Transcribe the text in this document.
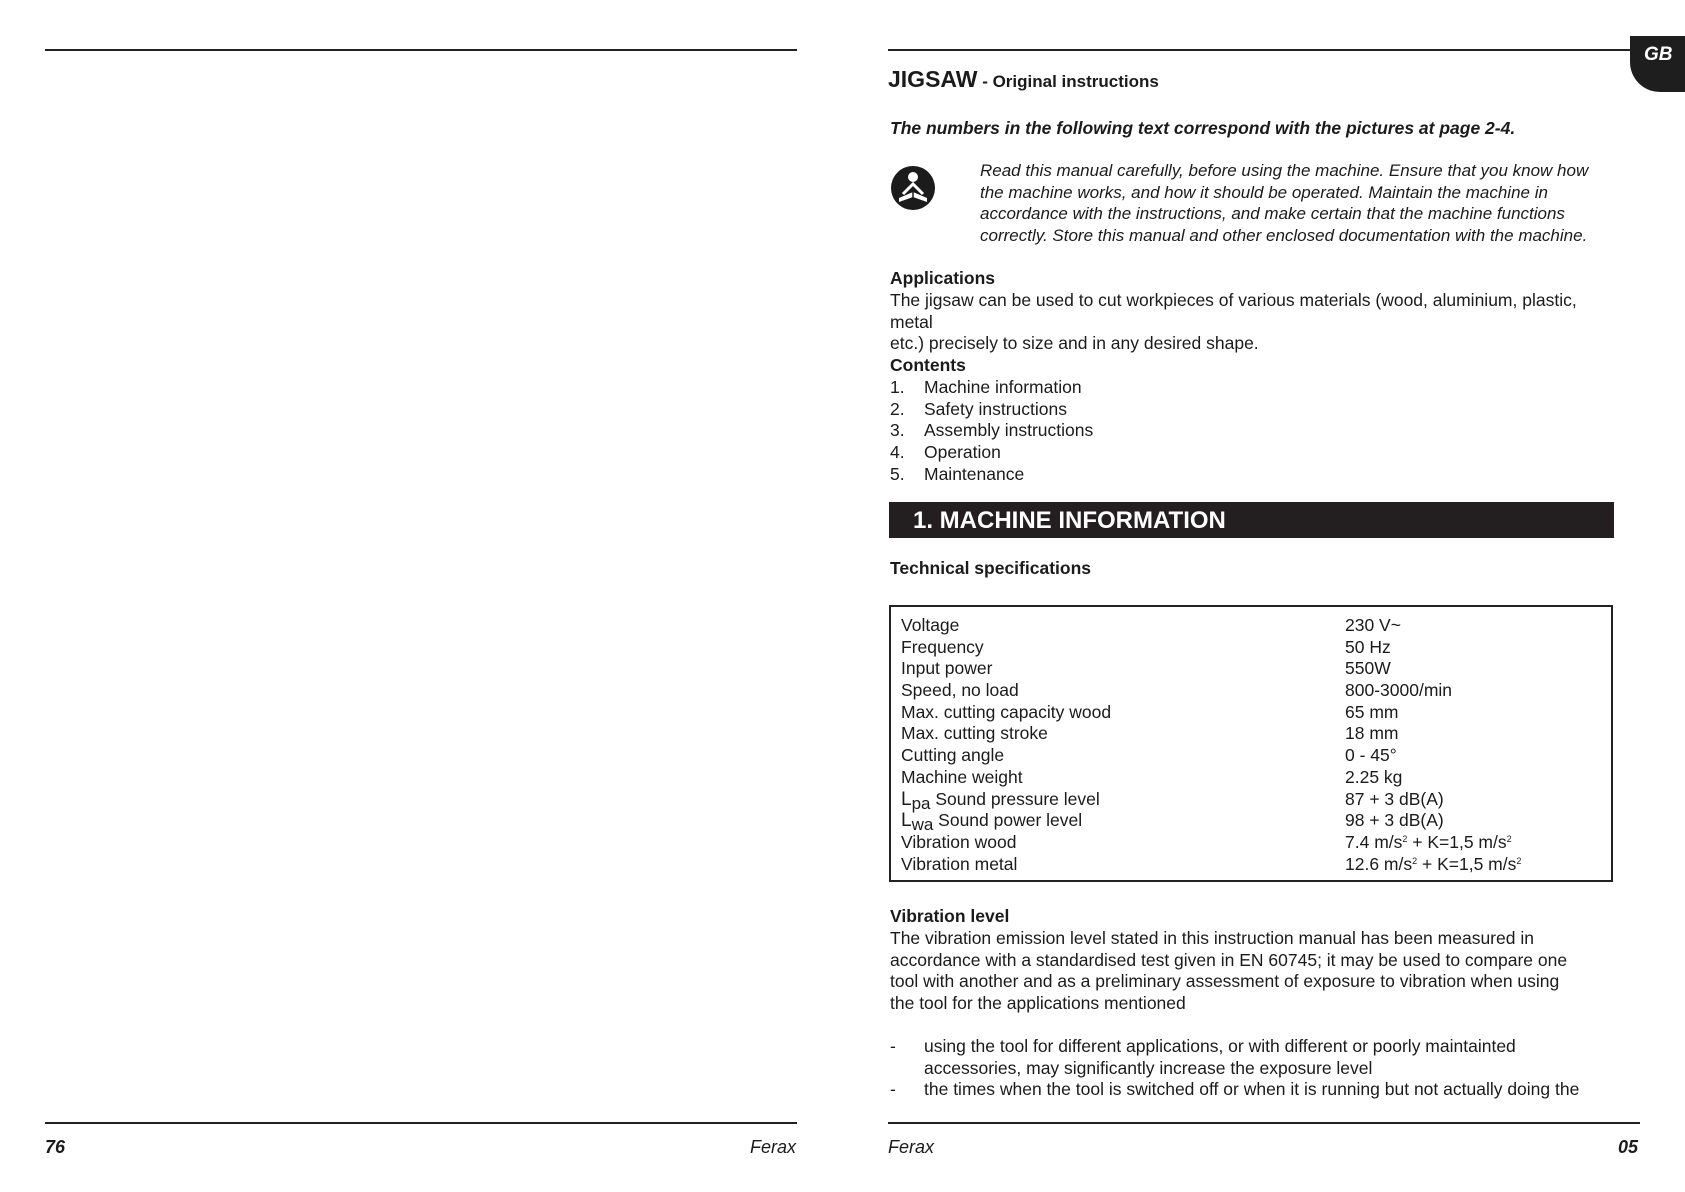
76	Ferax
GB
JIGSAW - Original instructions
The numbers in the following text correspond with the pictures at page 2-4.
Read this manual carefully, before using the machine. Ensure that you know how
the machine works, and how it should be operated. Maintain the machine in
accordance with the instructions, and make certain that the machine functions
correctly. Store this manual and other enclosed documentation with the machine.
Applications
The jigsaw can be used to cut workpieces of various materials (wood, aluminium, plastic, metal
etc.) precisely to size and in any desired shape.
Contents
1.	Machine information
2.	Safety instructions
3.	Assembly instructions
4.	Operation
5.	Maintenance
1. MACHINE INFORMATION
Technical specifications
Voltage	230 V~
Frequency	50 Hz
Input power	550W
Speed, no load	800-3000/min
Max. cutting capacity wood	65 mm
Max. cutting stroke	18 mm
Cutting angle	0 - 45°
Machine weight	2.25 kg
Lpa Sound pressure level	87 + 3 dB(A)
Lwa Sound power level	98 + 3 dB(A)
Vibration wood	7.4 $m/s^2 + K=1,5$ $m/s^2$
Vibration metal	12.6 $m/s^2 + K=1,5$ $m/s^2$
Vibration level
The vibration emission level stated in this instruction manual has been measured in
accordance with a standardised test given in EN 60745; it may be used to compare one
tool with another and as a preliminary assessment of exposure to vibration when using
the tool for the applications mentioned
- using the tool for different applications, or with different or poorly maintainted
accessories, may significantly increase the exposure level
- the times when the tool is switched off or when it is running but not actually doing the
Ferax	05
